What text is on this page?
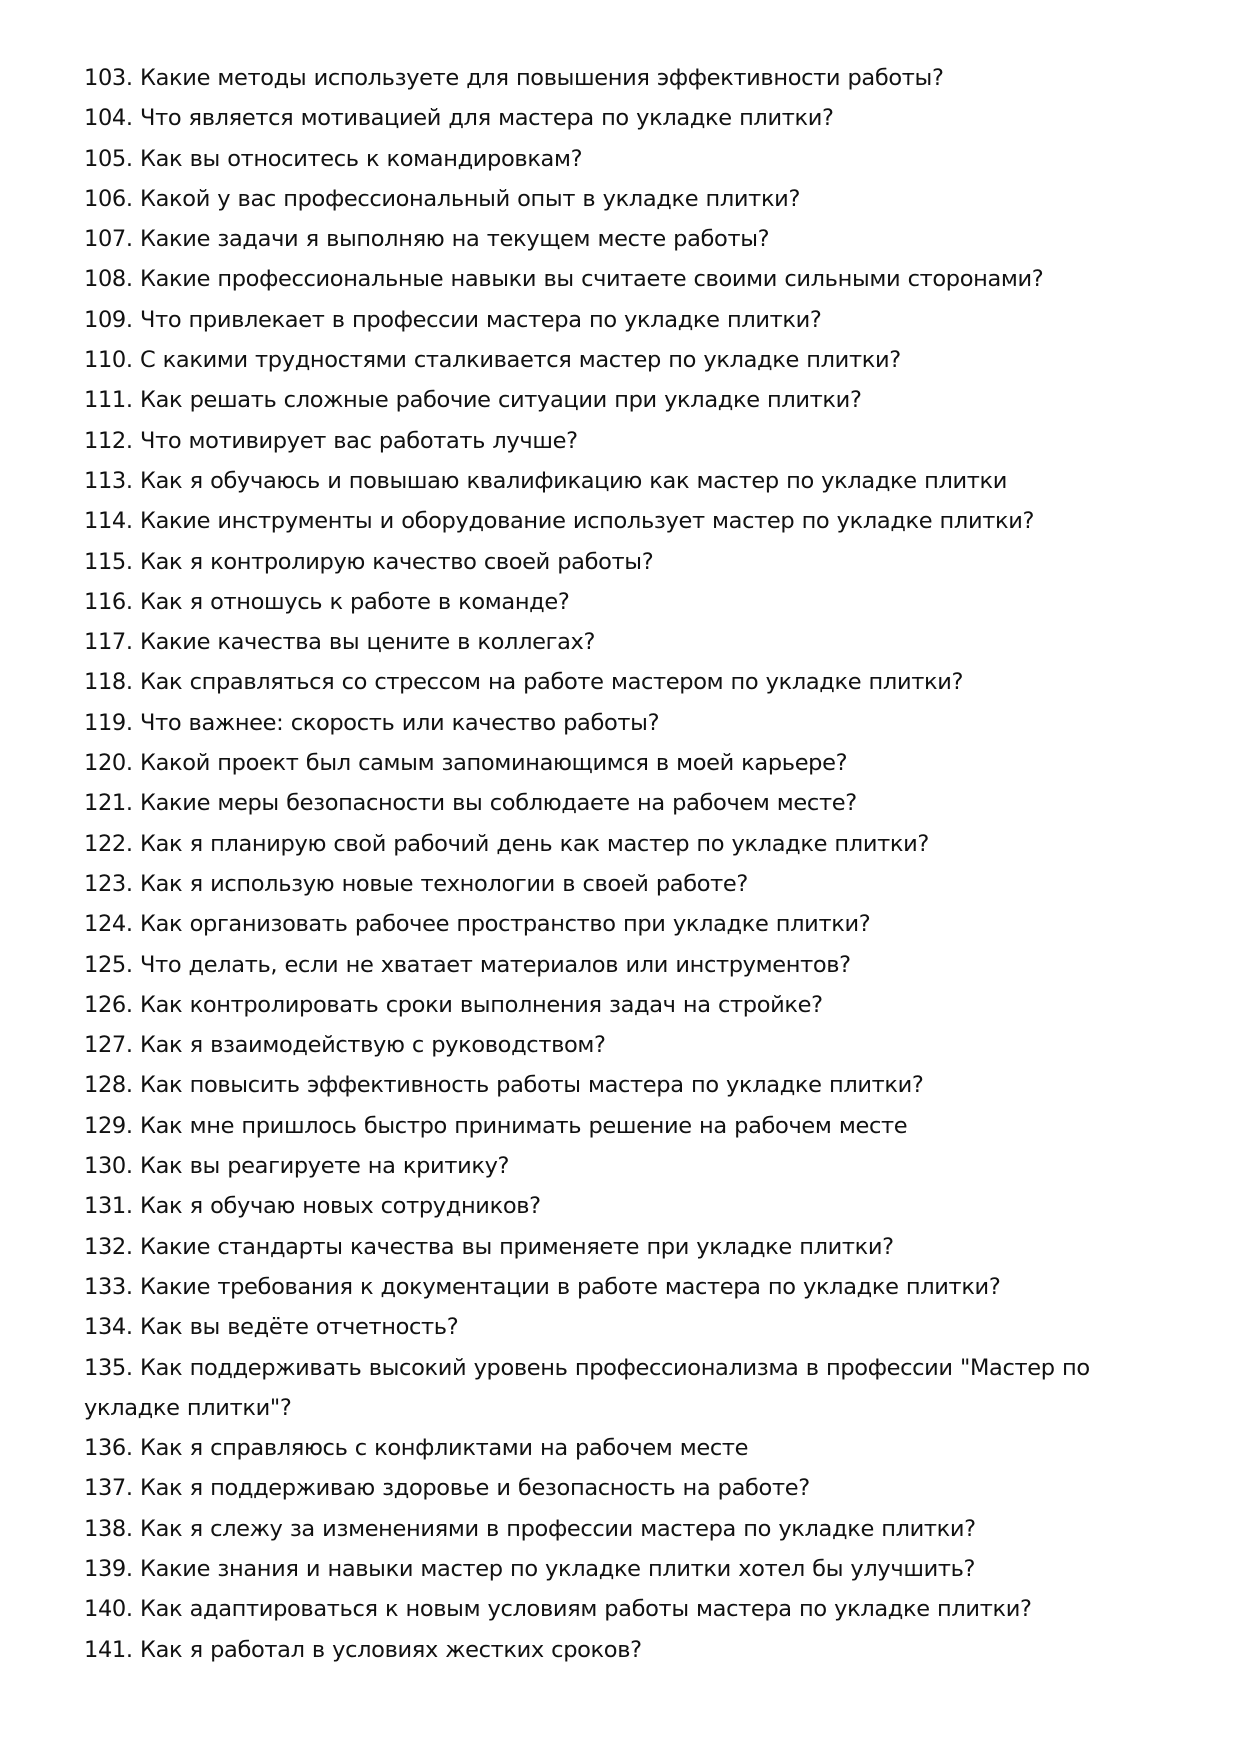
103. Какие методы используете для повышения эффективности работы?
104. Что является мотивацией для мастера по укладке плитки?
105. Как вы относитесь к командировкам?
106. Какой у вас профессиональный опыт в укладке плитки?
107. Какие задачи я выполняю на текущем месте работы?
108. Какие профессиональные навыки вы считаете своими сильными сторонами?
109. Что привлекает в профессии мастера по укладке плитки?
110. С какими трудностями сталкивается мастер по укладке плитки?
111. Как решать сложные рабочие ситуации при укладке плитки?
112. Что мотивирует вас работать лучше?
113. Как я обучаюсь и повышаю квалификацию как мастер по укладке плитки
114. Какие инструменты и оборудование использует мастер по укладке плитки?
115. Как я контролирую качество своей работы?
116. Как я отношусь к работе в команде?
117. Какие качества вы цените в коллегах?
118. Как справляться со стрессом на работе мастером по укладке плитки?
119. Что важнее: скорость или качество работы?
120. Какой проект был самым запоминающимся в моей карьере?
121. Какие меры безопасности вы соблюдаете на рабочем месте?
122. Как я планирую свой рабочий день как мастер по укладке плитки?
123. Как я использую новые технологии в своей работе?
124. Как организовать рабочее пространство при укладке плитки?
125. Что делать, если не хватает материалов или инструментов?
126. Как контролировать сроки выполнения задач на стройке?
127. Как я взаимодействую с руководством?
128. Как повысить эффективность работы мастера по укладке плитки?
129. Как мне пришлось быстро принимать решение на рабочем месте
130. Как вы реагируете на критику?
131. Как я обучаю новых сотрудников?
132. Какие стандарты качества вы применяете при укладке плитки?
133. Какие требования к документации в работе мастера по укладке плитки?
134. Как вы ведёте отчетность?
135. Как поддерживать высокий уровень профессионализма в профессии "Мастер по укладке плитки"?
136. Как я справляюсь с конфликтами на рабочем месте
137. Как я поддерживаю здоровье и безопасность на работе?
138. Как я слежу за изменениями в профессии мастера по укладке плитки?
139. Какие знания и навыки мастер по укладке плитки хотел бы улучшить?
140. Как адаптироваться к новым условиям работы мастера по укладке плитки?
141. Как я работал в условиях жестких сроков?
